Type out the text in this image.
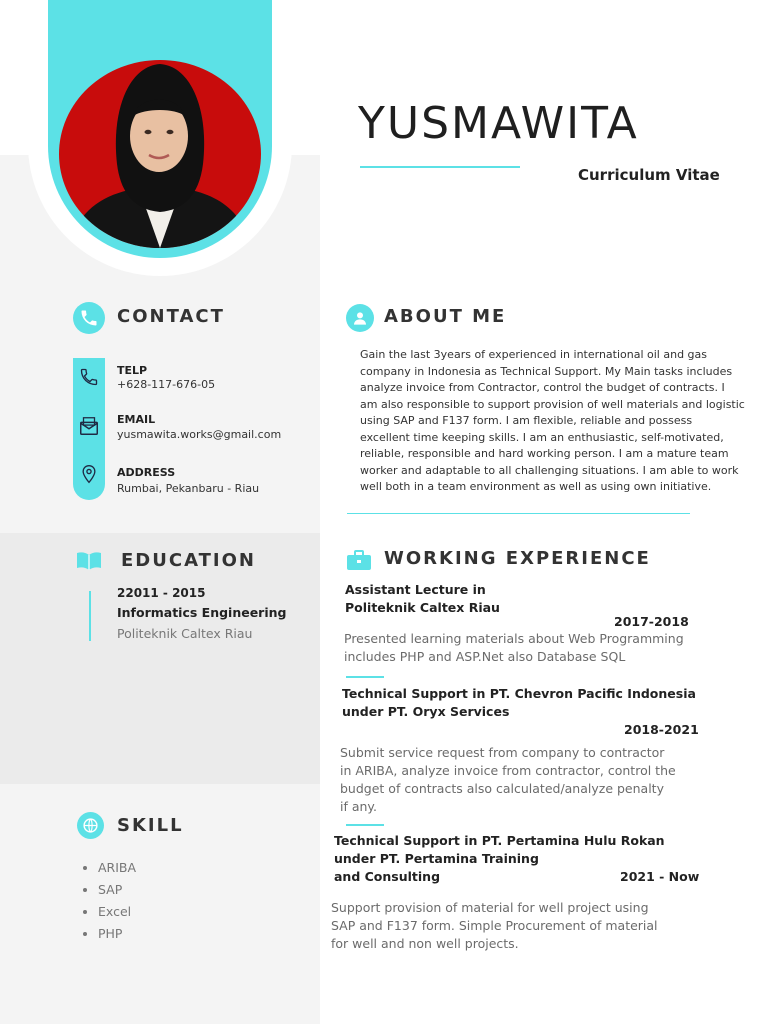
YUSMAWITA
Curriculum Vitae
CONTACT
TELP
+628-117-676-05
EMAIL
yusmawita.works@gmail.com
ADDRESS
Rumbai, Pekanbaru - Riau
ABOUT ME
Gain the last 3years of experienced in international oil and gas company in Indonesia as Technical Support. My Main tasks includes analyze invoice from Contractor, control the budget of contracts. I am also responsible to support provision of well materials and logistic using SAP and F137 form. I am flexible, reliable and possess excellent time keeping skills. I am an enthusiastic, self-motivated, reliable, responsible and hard working person. I am a mature team worker and adaptable to all challenging situations. I am able to work well both in a team environment as well as using own initiative.
EDUCATION
22011 - 2015
Informatics Engineering
Politeknik Caltex Riau
WORKING EXPERIENCE
Assistant Lecture in
Politeknik Caltex Riau
2017-2018
Presented learning materials about Web Programming
includes PHP and ASP.Net also Database SQL
Technical Support in PT. Chevron Pacific Indonesia
under PT. Oryx Services
2018-2021
Submit service request from company to contractor
in ARIBA, analyze invoice from contractor, control the
budget of contracts also calculated/analyze penalty
if any.
Technical Support in PT. Pertamina Hulu Rokan
under PT. Pertamina Training
and Consulting	2021 - Now
Support provision of material for well project using
SAP and F137 form. Simple Procurement of material
for well and non well projects.
SKILL
• ARIBA
• SAP
• Excel
• PHP
